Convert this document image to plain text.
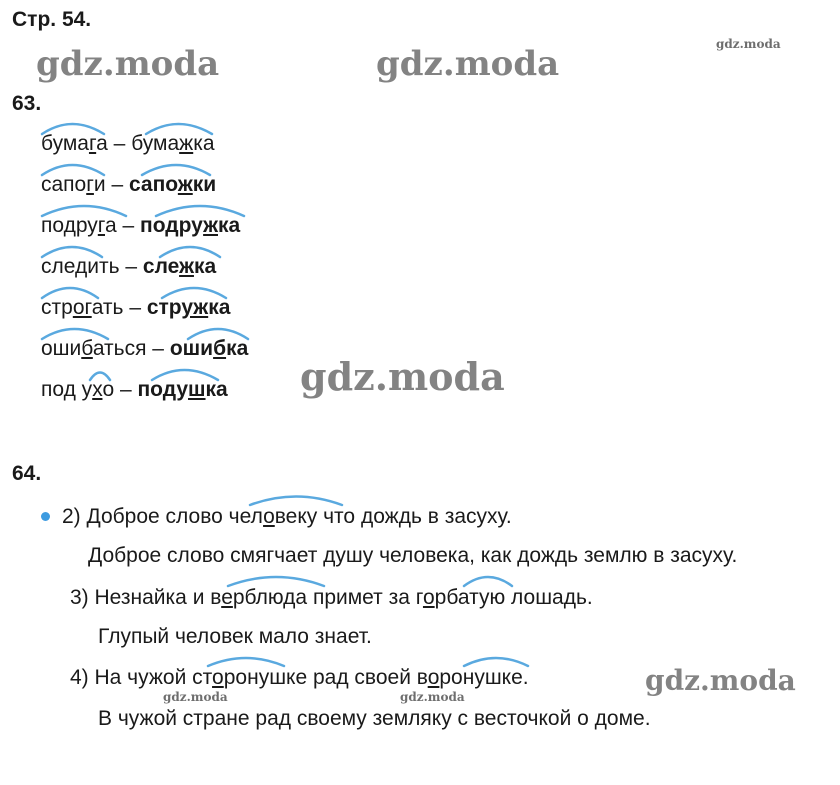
Стр. 54.
gdz.moda	gdz.moda	gdz.moda
gdz.moda
gdz.moda
gdz.moda	gdz.moda
63.
бумага – бумажка
сапоги – сапожки
подруга – подружка
следить – слежка
строгать – стружка
ошибаться – ошибка
под ухо – подушка
64.
2) Доброе слово человеку что дождь в засуху.
Доброе слово смягчает душу человека, как дождь землю в засуху.
3) Незнайка и верблюда примет за горбатую лошадь.
Глупый человек мало знает.
4) На чужой сторонушке рад своей воронушке.
В чужой стране рад своему земляку с весточкой о доме.
